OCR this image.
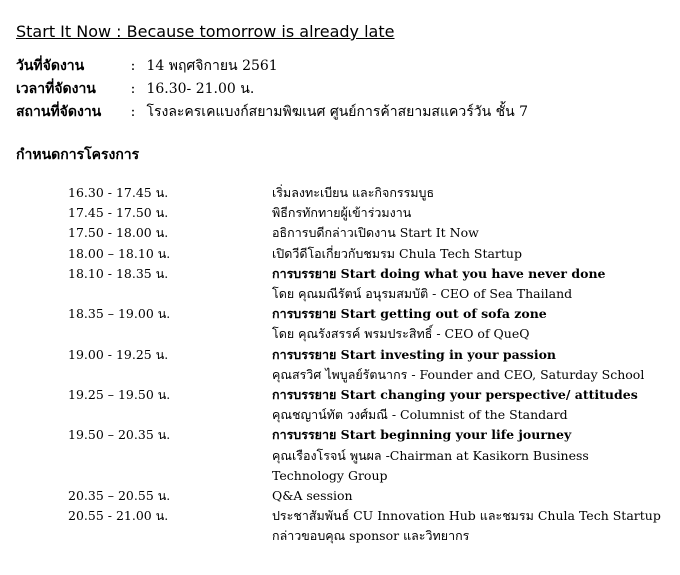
Start It Now : Because tomorrow is already late
วันที่จัดงาน	: 14 พฤศจิกายน 2561
เวลาที่จัดงาน : 16.30- 21.00 น.
สถานที่จัดงาน : โรงละครเคแบงก์สยามพิฆเนศ ศูนย์การค้าสยามสแควร์วัน ชั้น 7
กำหนดการโครงการ
16.30 - 17.45 น.	เริ่มลงทะเบียน และกิจกรรมบูธ
17.45 - 17.50 น.	พิธีกรทักทายผู้เข้าร่วมงาน
17.50 - 18.00 น.	อธิการบดีกล่าวเปิดงาน Start It Now
18.00 – 18.10 น.	เปิดวีดีโอเกี่ยวกับชมรม Chula Tech Startup
18.10 - 18.35 น.	การบรรยาย Start doing what you have never done
โดย คุณมณีรัตน์ อนุรมสมบัติ - CEO of Sea Thailand
18.35 – 19.00 น.	การบรรยาย Start getting out of sofa zone
โดย คุณรังสรรค์ พรมประสิทธิ์ - CEO of QueQ
19.00 - 19.25 น.	การบรรยาย Start investing in your passion
คุณสรวิศ ไพบูลย์รัตนากร - Founder and CEO, Saturday School
19.25 – 19.50 น.	การบรรยาย Start changing your perspective/ attitudes
คุณชญาน์ทัต วงศ์มณี - Columnist of the Standard
19.50 – 20.35 น.	การบรรยาย Start beginning your life journey
คุณเรืองโรจน์ พูนผล -Chairman at Kasikorn Business Technology Group
20.35 – 20.55 น.	Q&A session
20.55 - 21.00 น.	ประชาสัมพันธ์ CU Innovation Hub และชมรม Chula Tech Startup
กล่าวขอบคุณ sponsor และวิทยากร
